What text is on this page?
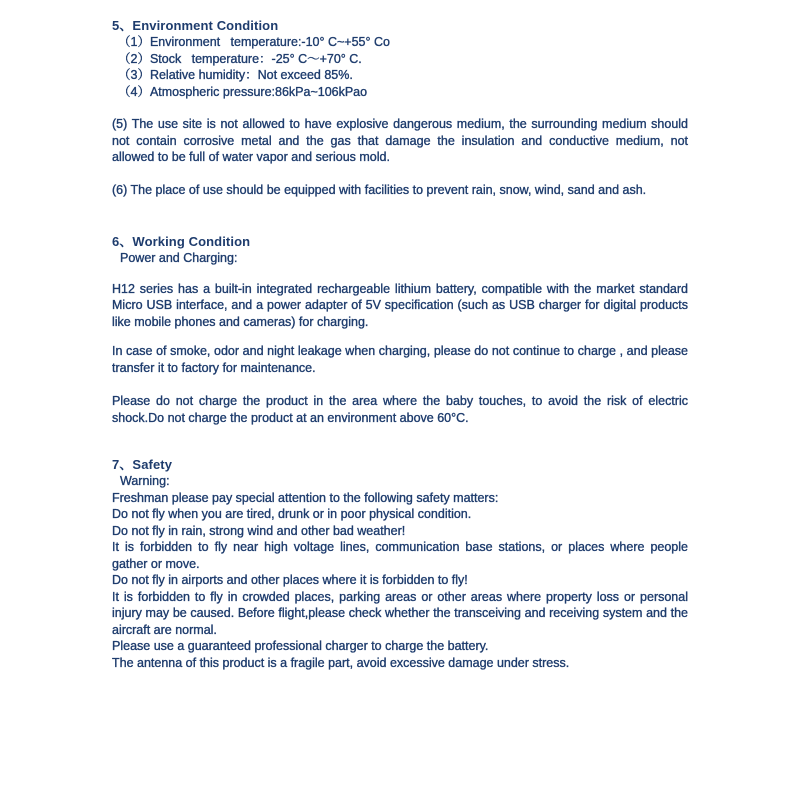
5、Environment Condition
（1）Environment   temperature:-10° C~+55° Co
（2）Stock   temperature：-25° C～+70° C.
（3）Relative humidity：Not exceed 85%.
（4）Atmospheric pressure:86kPa~106kPao

(5) The use site is not allowed to have explosive dangerous medium, the surrounding medium should not contain corrosive metal and the gas that damage the insulation and conductive medium, not    allowed to be full of water vapor and serious mold.

(6) The place of use should be equipped with facilities to prevent rain, snow, wind, sand and ash.

6、Working Condition
Power and Charging:

H12 series has a built-in integrated rechargeable lithium battery, compatible with the market standard Micro USB interface, and a power adapter of 5V specification (such as USB charger for digital products like mobile phones and cameras) for charging.

In case of smoke, odor and night leakage when charging, please do not continue to charge , and please transfer it to factory for maintenance.

Please do not charge the product in the area where the baby touches, to avoid the risk of electric shock.Do not charge the product at an environment above 60°C.

7、Safety
Warning:
Freshman please pay special attention to the following safety matters:
Do not fly when you are tired, drunk or in poor physical condition.
Do not fly in rain, strong wind and other bad weather!
It is forbidden to fly near high voltage lines, communication base stations, or places where people gather or move.
Do not fly in airports and other places where it is forbidden to fly!
It is forbidden to fly in crowded places, parking areas or other areas where property loss or personal injury may be caused. Before flight,please check whether the transceiving and receiving system and the aircraft are normal.
Please use a guaranteed professional charger to charge the battery.
The antenna of this product is a fragile part, avoid excessive damage under stress.
